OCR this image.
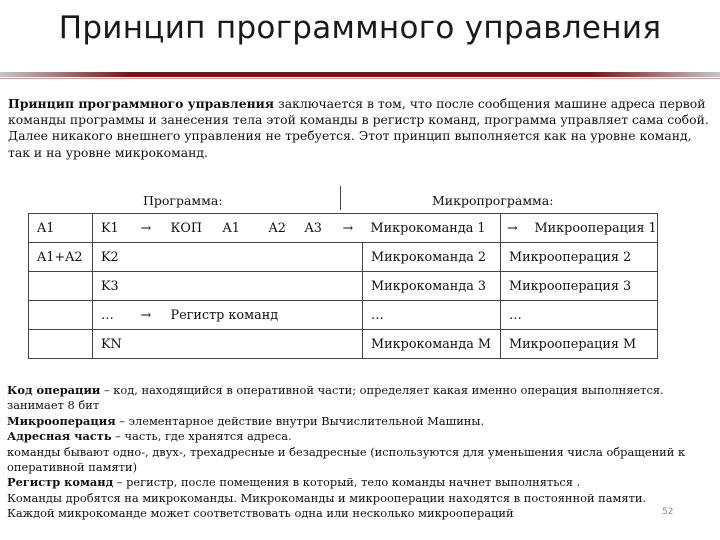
Принцип программного управления
Принцип программного управления заключается в том, что после сообщения машине адреса первой команды программы и занесения тела этой команды в регистр команд, программа управляет сама собой. Далее никакого внешнего управления не требуется. Этот принцип выполняется как на уровне команд, так и на уровне микрокоманд.
Программа:	Микропрограмма:
A1	K1	→	КОП	A1	A2	A3	→	Микрокоманда 1	→	Микрооперация 1
A1+A2	K2							Микрокоманда 2	Микрооперация 2	
	K3							Микрокоманда 3	Микрооперация 3	
	…	→	Регистр команд					…	…	
	KN							Микрокоманда M	Микрооперация M	
Код операции – код, находящийся в оперативной части; определяет какая именно операция выполняется. занимает 8 бит
Микрооперация – элементарное действие внутри Вычислительной Машины.
Адресная часть – часть, где хранятся адреса.
команды бывают одно-, двух-, трехадресные и безадресные (используются для уменьшения числа обращений к оперативной памяти)
Регистр команд – регистр, после помещения в который, тело команды начнет выполняться .
Команды дробятся на микрокоманды. Микрокоманды и микрооперации находятся в постоянной памяти.
Каждой микрокоманде может соответствовать одна или несколько микроопераций	52
